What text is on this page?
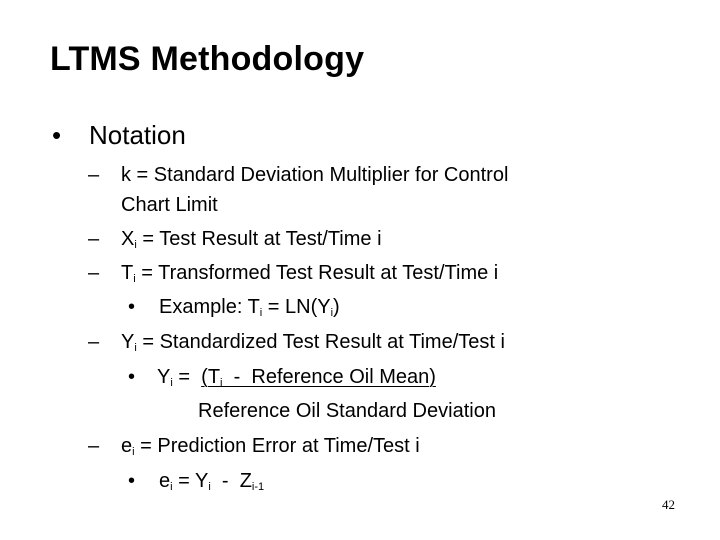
LTMS Methodology
• Notation
– k = Standard Deviation Multiplier for Control
Chart Limit
– $X_i$ = Test Result at Test/Time i
– $T_i$ = Transformed Test Result at Test/Time i
• Example: $T_i = LN(Y_i)$
– $Y_i$ = Standardized Test Result at Time/Test i
• $Y_i = (T_i$  -  Reference Oil Mean)
Reference Oil Standard Deviation
– $e_i$ = Prediction Error at Time/Test i
• $e_i = Y_i - Z_{i-1}$
42
